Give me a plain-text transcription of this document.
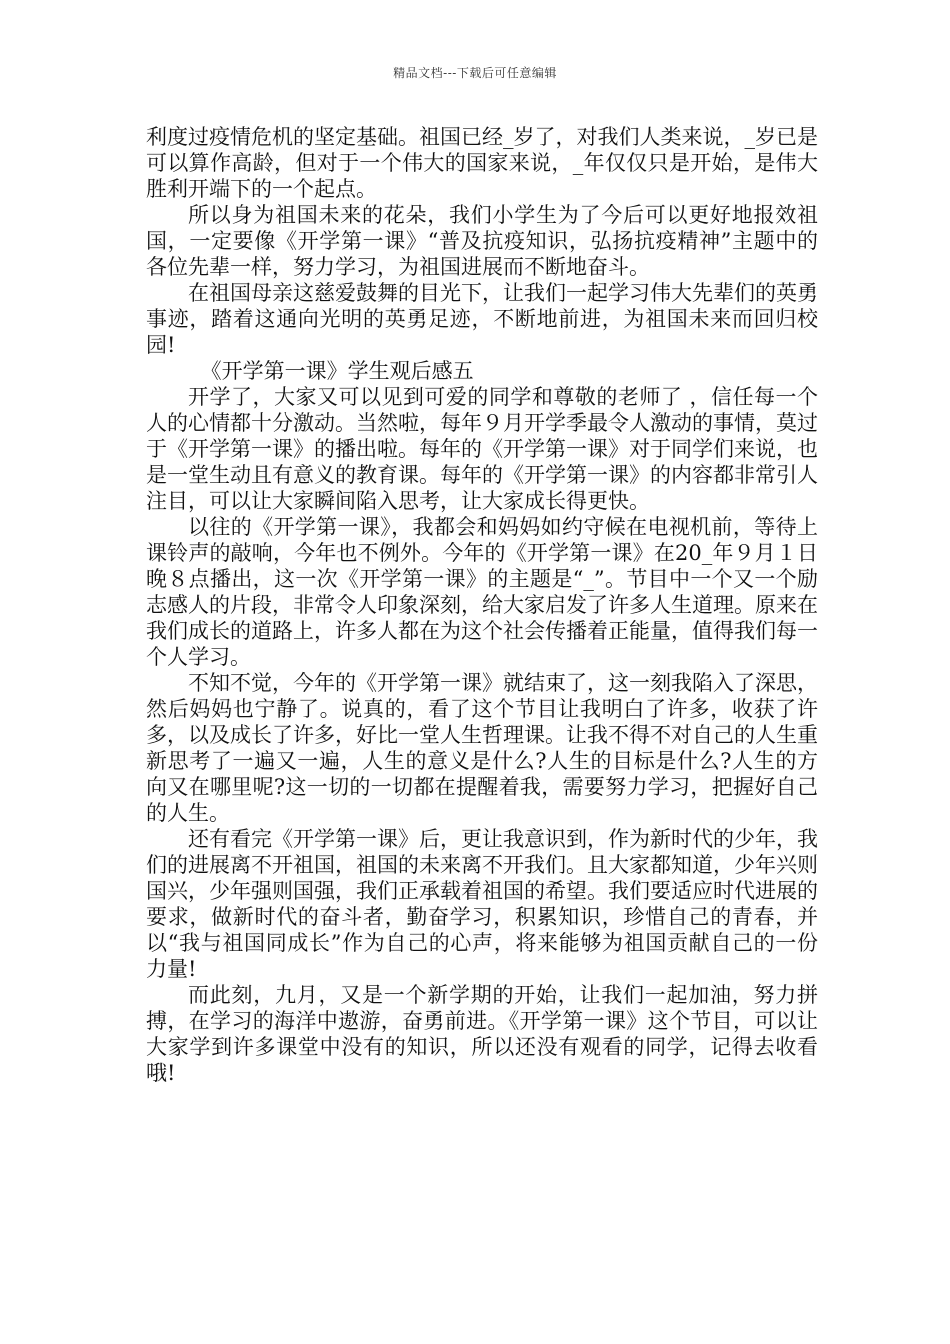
精品文档---下载后可任意编辑

利度过疫情危机的坚定基础。祖国已经_岁了，对我们人类来说，_岁已是可以算作高龄，但对于一个伟大的国家来说，_年仅仅只是开始，是伟大胜利开端下的一个起点。

所以身为祖国未来的花朵，我们小学生为了今后可以更好地报效祖国，一定要像《开学第一课》“普及抗疫知识，弘扬抗疫精神”主题中的各位先辈一样，努力学习，为祖国进展而不断地奋斗。

在祖国母亲这慈爱鼓舞的目光下，让我们一起学习伟大先辈们的英勇事迹，踏着这通向光明的英勇足迹，不断地前进，为祖国未来而回归校园!

《开学第一课》学生观后感五

开学了，大家又可以见到可爱的同学和尊敬的老师了 ，信任每一个人的心情都十分激动。当然啦，每年９月开学季最令人激动的事情，莫过于《开学第一课》的播出啦。每年的《开学第一课》对于同学们来说，也是一堂生动且有意义的教育课。每年的《开学第一课》的内容都非常引人注目，可以让大家瞬间陷入思考，让大家成长得更快。

以往的《开学第一课》，我都会和妈妈如约守候在电视机前，等待上课铃声的敲响，今年也不例外。今年的《开学第一课》在20_年９月１日晚８点播出，这一次《开学第一课》的主题是“_”。节目中一个又一个励志感人的片段，非常令人印象深刻，给大家启发了许多人生道理。原来在我们成长的道路上，许多人都在为这个社会传播着正能量，值得我们每一个人学习。

不知不觉，今年的《开学第一课》就结束了，这一刻我陷入了深思，然后妈妈也宁静了。说真的，看了这个节目让我明白了许多，收获了许多，以及成长了许多，好比一堂人生哲理课。让我不得不对自己的人生重新思考了一遍又一遍，人生的意义是什么?人生的目标是什么?人生的方向又在哪里呢?这一切的一切都在提醒着我，需要努力学习，把握好自己的人生。

还有看完《开学第一课》后，更让我意识到，作为新时代的少年，我们的进展离不开祖国，祖国的未来离不开我们。且大家都知道，少年兴则国兴，少年强则国强，我们正承载着祖国的希望。我们要适应时代进展的要求，做新时代的奋斗者，勤奋学习，积累知识，珍惜自己的青春，并以“我与祖国同成长”作为自己的心声，将来能够为祖国贡献自己的一份力量!

而此刻，九月，又是一个新学期的开始，让我们一起加油，努力拼搏，在学习的海洋中遨游，奋勇前进。《开学第一课》这个节目，可以让大家学到许多课堂中没有的知识，所以还没有观看的同学，记得去收看哦!
